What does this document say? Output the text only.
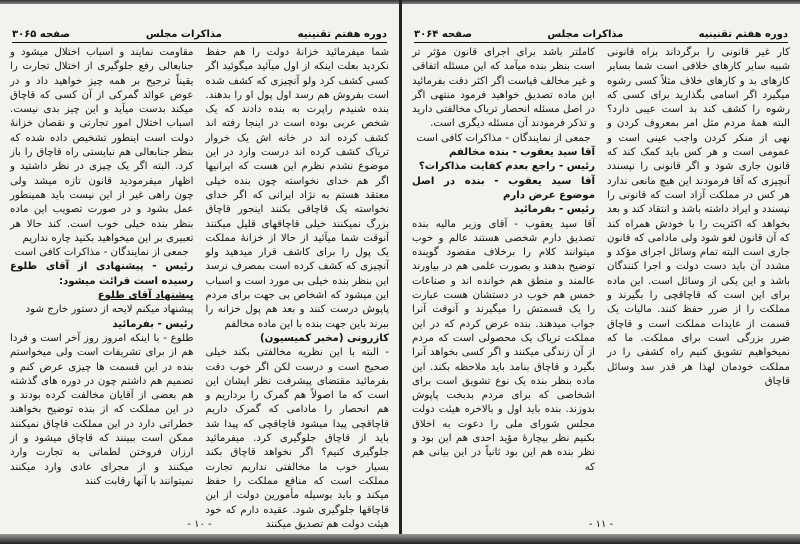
دوره هفتم تقنینیه
مذاکرات مجلس
صفحه ۳۰۶۵

شما میفرمائید خزانهٔ دولت را هم حفظ نکردید بعلت اینکه از اول میآئید میگوئید اگر کسی کشف کرد ولو آنچیزی که کشف شده است بفروش هم رسد اول پول او را بدهند. بنده شنیدم راپرت به بنده دادند که یک شخص عربی بوده است در اینجا رفته اند کشف کرده اند در خانه اش یک خروار تریاک کشف کرده اند درست وارد در این موضوع نشدم نظرم این هست که ایرانیها اگر هم خدای نخواسته چون بنده خیلی معتقد هستم به نژاد ایرانی که اگر خدای نخواسته یک قاچاقی بکنند اینجور قاچاق بزرگ نمیکنند خیلی قاچاقهای قلیل میکنند آنوقت شما میآئید از حالا از خزانهٔ مملکت یک پول را برای کاشف قرار میدهید ولو آنچیزی که کشف کرده است بمصرف نرسد این بنظر بنده خیلی بی مورد است و اسباب این میشود که اشخاص بی جهت برای مردم پاپوش درست کنند و بعد هم پول خزانه را ببرند باین جهت بنده با این ماده مخالفم

کازرونی (مخبر کمیسیون)

- البته با این نظریه مخالفتی بکند خیلی صحیح است و درست لکن اگر خوب دقت بفرمائید مقتضای پیشرفت نظر ایشان این است که ما اصولاً هم گمرک را برداریم و هم انحصار را مادامی که گمرک داریم قاچاقچی پیدا میشود قاچاقچی که پیدا شد باید از قاچاق جلوگیری کرد. میفرمائید جلوگیری کنیم؟ اگر نخواهد قاچاق بکند بسیار خوب ما مخالفتی نداریم تجارت مملکت است که منافع مملکت را حفظ میکند و باید بوسیله مأمورین دولت از این قاچاقها جلوگیری شود. عقیده دارم که خود هیئت دولت هم تصدیق میکنند

مقاومت نمایند و اسباب اختلال میشود و جنابعالی رفع جلوگیری از اختلال تجارت را یقیناً ترجیح بر همه چیز خواهید داد و در عوض عوائد گمرکی از آن کسی که قاچاق میکند بدست میآید و این چیز بدی نیست. اسباب اختلال امور تجارتی و نقصان خزانهٔ دولت است اینطور تشخیص داده شده که بنظر جنابعالی هم نبایستی راه قاچاق را باز کرد. البته اگر یک چیزی در نظر داشتید و اظهار میفرمودید قانون تازه میشد ولی چون راهی غیر از این نیست باید همینطور عمل بشود و در صورت تصویب این ماده بنظر بنده خیلی خوب است. کند حالا هر تعبیری بر این میخواهید بکنید چاره نداریم

جمعی از نمایندگان - مذاکرات کافی است

رئیس - پیشنهادی از آقای طلوع رسیده است قرائت میشود:

پیشنهاد آقای طلوع

پیشنهاد میکنم لایحه از دستور خارج شود

رئیس - بفرمائید

طلوع - با اینکه امروز روز آخر است و فردا هم از برای تشریفات است ولی میخواستم بنده در این قسمت ها چیزی عرض کنم و تصمیم هم داشتم چون در دوره های گذشته هم بعضی از آقایان مخالفت کرده بودند و در این مملکت که از بنده توضیح بخواهند خطراتی دارد در این مملکت قاچاق نمیکنند ممکن است ببینند که قاچاق میشود و از ارزان فروختن لطماتی به تجارت وارد میکنند و از مجرای عادی وارد میکنند نمیتوانند با آنها رقابت کنند

- ۱۰ -
دوره هفتم تقنینیه
مذاکرات مجلس
صفحه ۳۰۶۴

کار غیر قانونی را برگرداند براه قانونی شبیه سایر کارهای خلافی است شما بسایر کارهای بد و کارهای خلاف مثلاً کسی رشوه میگیرد اگر اسامی بگذارید برای کسی که رشوه را کشف کند بد است عیبی دارد؟ البته همهٔ مردم مثل امر بمعروف کردن و نهی از منکر کردن واجب عینی است و عمومی است و هر کس باید کمک کند که قانون جاری شود و اگر قانونی را نپسندد آنچیزی که آقا فرمودند این هیچ مانعی ندارد هر کس در مملکت آزاد است که قانونی را نپسندد و ایراد داشته باشد و انتقاد کند و بعد بخواهد که اکثریت را با خودش همراه کند که آن قانون لغو شود ولی مادامی که قانون جاری است البته تمام وسائل اجرای مؤکد و مشدد آن باید دست دولت و اجرا کنندگان باشد و این یکی از وسائل است. این ماده برای این است که قاچاقچی را بگیرند و مملکت را از ضرر حفظ کنند. مالیات یک قسمت از عایدات مملکت است و قاچاق ضرر بزرگی است برای مملکت. ما که نمیخواهیم تشویق کنیم راه کشفی را در مملکت خودمان لهذا هر قدر سد وسائل قاچاق

کاملتر باشد برای اجرای قانون مؤثر تر است بنظر بنده میآمد که این مسئله اتفاقی و غیر مخالف قیاست اگر اکثر دقت بفرمائید این ماده تصدیق خواهید فرمود منتهی اگر در اصل مسئله انحصار تریاک مخالفتی دارید و تذکر فرمودند آن مسئله دیگری است.

جمعی از نمایندگان - مذاکرات کافی است

آقا سید یعقوب - بنده مخالفم

رئیس - راجع بعدم کفایت مذاکرات؟

آقا سید یعقوب - بنده در اصل موضوع عرض دارم

رئیس - بفرمائید

آقا سید یعقوب - آقای وزیر مالیه بنده تصدیق دارم شخصی هستند عالم و خوب میتوانند کلام را برخلاف مقصود گوینده توضیح بدهند و بصورت علمی هم در بیاورند عالمند و منطق هم خوانده اند و صناعات خمس هم خوب در دستشان هست عبارت را یک قسمتش را میگیرند و آنوقت آنرا جواب میدهند. بنده عرض کردم که در این مملکت تریاک یک محصولی است که مردم از آن زندگی میکنند و اگر کسی بخواهد آنرا بگیرد و قاچاق بنامد باید ملاحظه بکند. این ماده بنظر بنده یک نوع تشویق است برای اشخاصی که برای مردم بدبخت پاپوش بدوزند. بنده باید اول و بالاخره هیئت دولت مجلس شورای ملی را دعوت به اخلاق بکنیم نظر بیچارهٔ مؤید احدی هم این بود و نظر بنده هم این بود ثانیاً در این بیانی هم که

- ۱۱ -
